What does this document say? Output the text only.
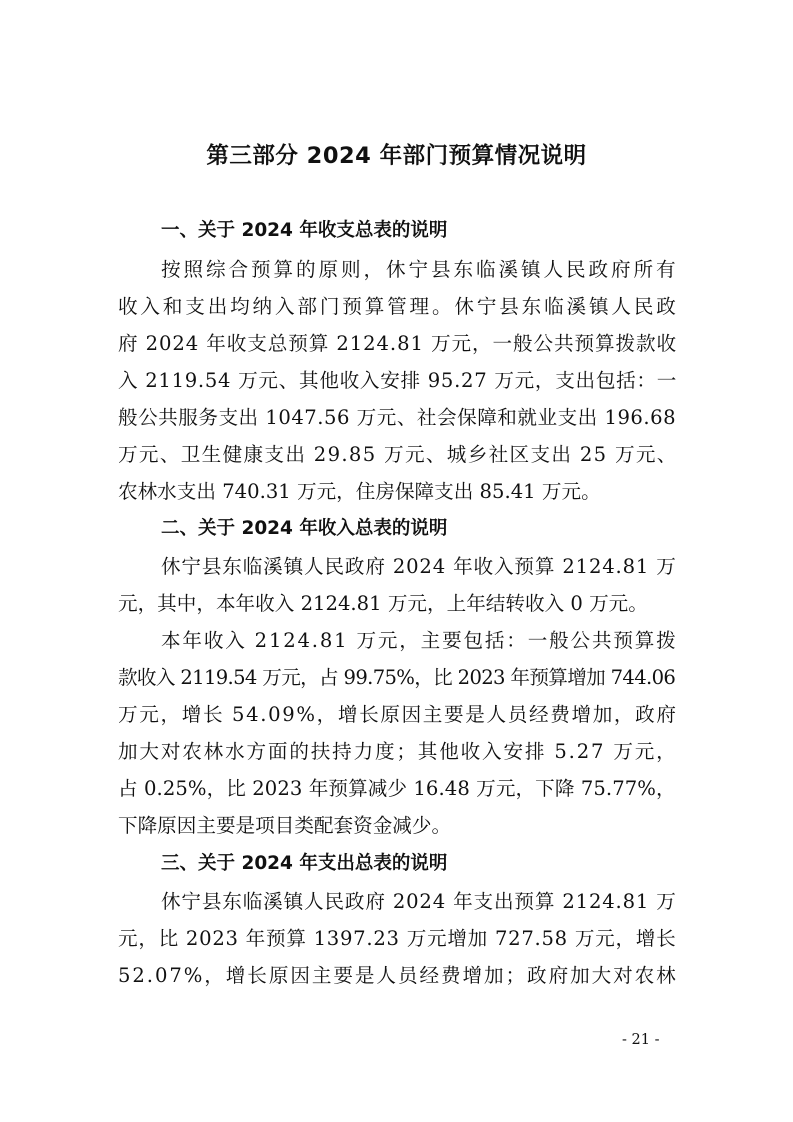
第三部分 2024 年部门预算情况说明
一、关于 2024 年收支总表的说明
按照综合预算的原则，休宁县东临溪镇人民政府所有
收入和支出均纳入部门预算管理。休宁县东临溪镇人民政
府 2024 年收支总预算 2124.81 万元，一般公共预算拨款收
入 2119.54 万元、其他收入安排 95.27 万元，支出包括：一
般公共服务支出 1047.56 万元、社会保障和就业支出 196.68
万元、卫生健康支出 29.85 万元、城乡社区支出 25 万元、
农林水支出 740.31 万元，住房保障支出 85.41 万元。
二、关于 2024 年收入总表的说明
休宁县东临溪镇人民政府 2024 年收入预算 2124.81 万
元，其中，本年收入 2124.81 万元，上年结转收入 0 万元。
本年收入 2124.81 万元，主要包括：一般公共预算拨
款收入 2119.54 万元，占 99.75%，比 2023 年预算增加 744.06
万元，增长 54.09%，增长原因主要是人员经费增加，政府
加大对农林水方面的扶持力度；其他收入安排 5.27 万元，
占 0.25%，比 2023 年预算减少 16.48 万元，下降 75.77%，
下降原因主要是项目类配套资金减少。
三、关于 2024 年支出总表的说明
休宁县东临溪镇人民政府 2024 年支出预算 2124.81 万
元，比 2023 年预算 1397.23 万元增加 727.58 万元，增长
52.07%，增长原因主要是人员经费增加；政府加大对农林
- 21 -
